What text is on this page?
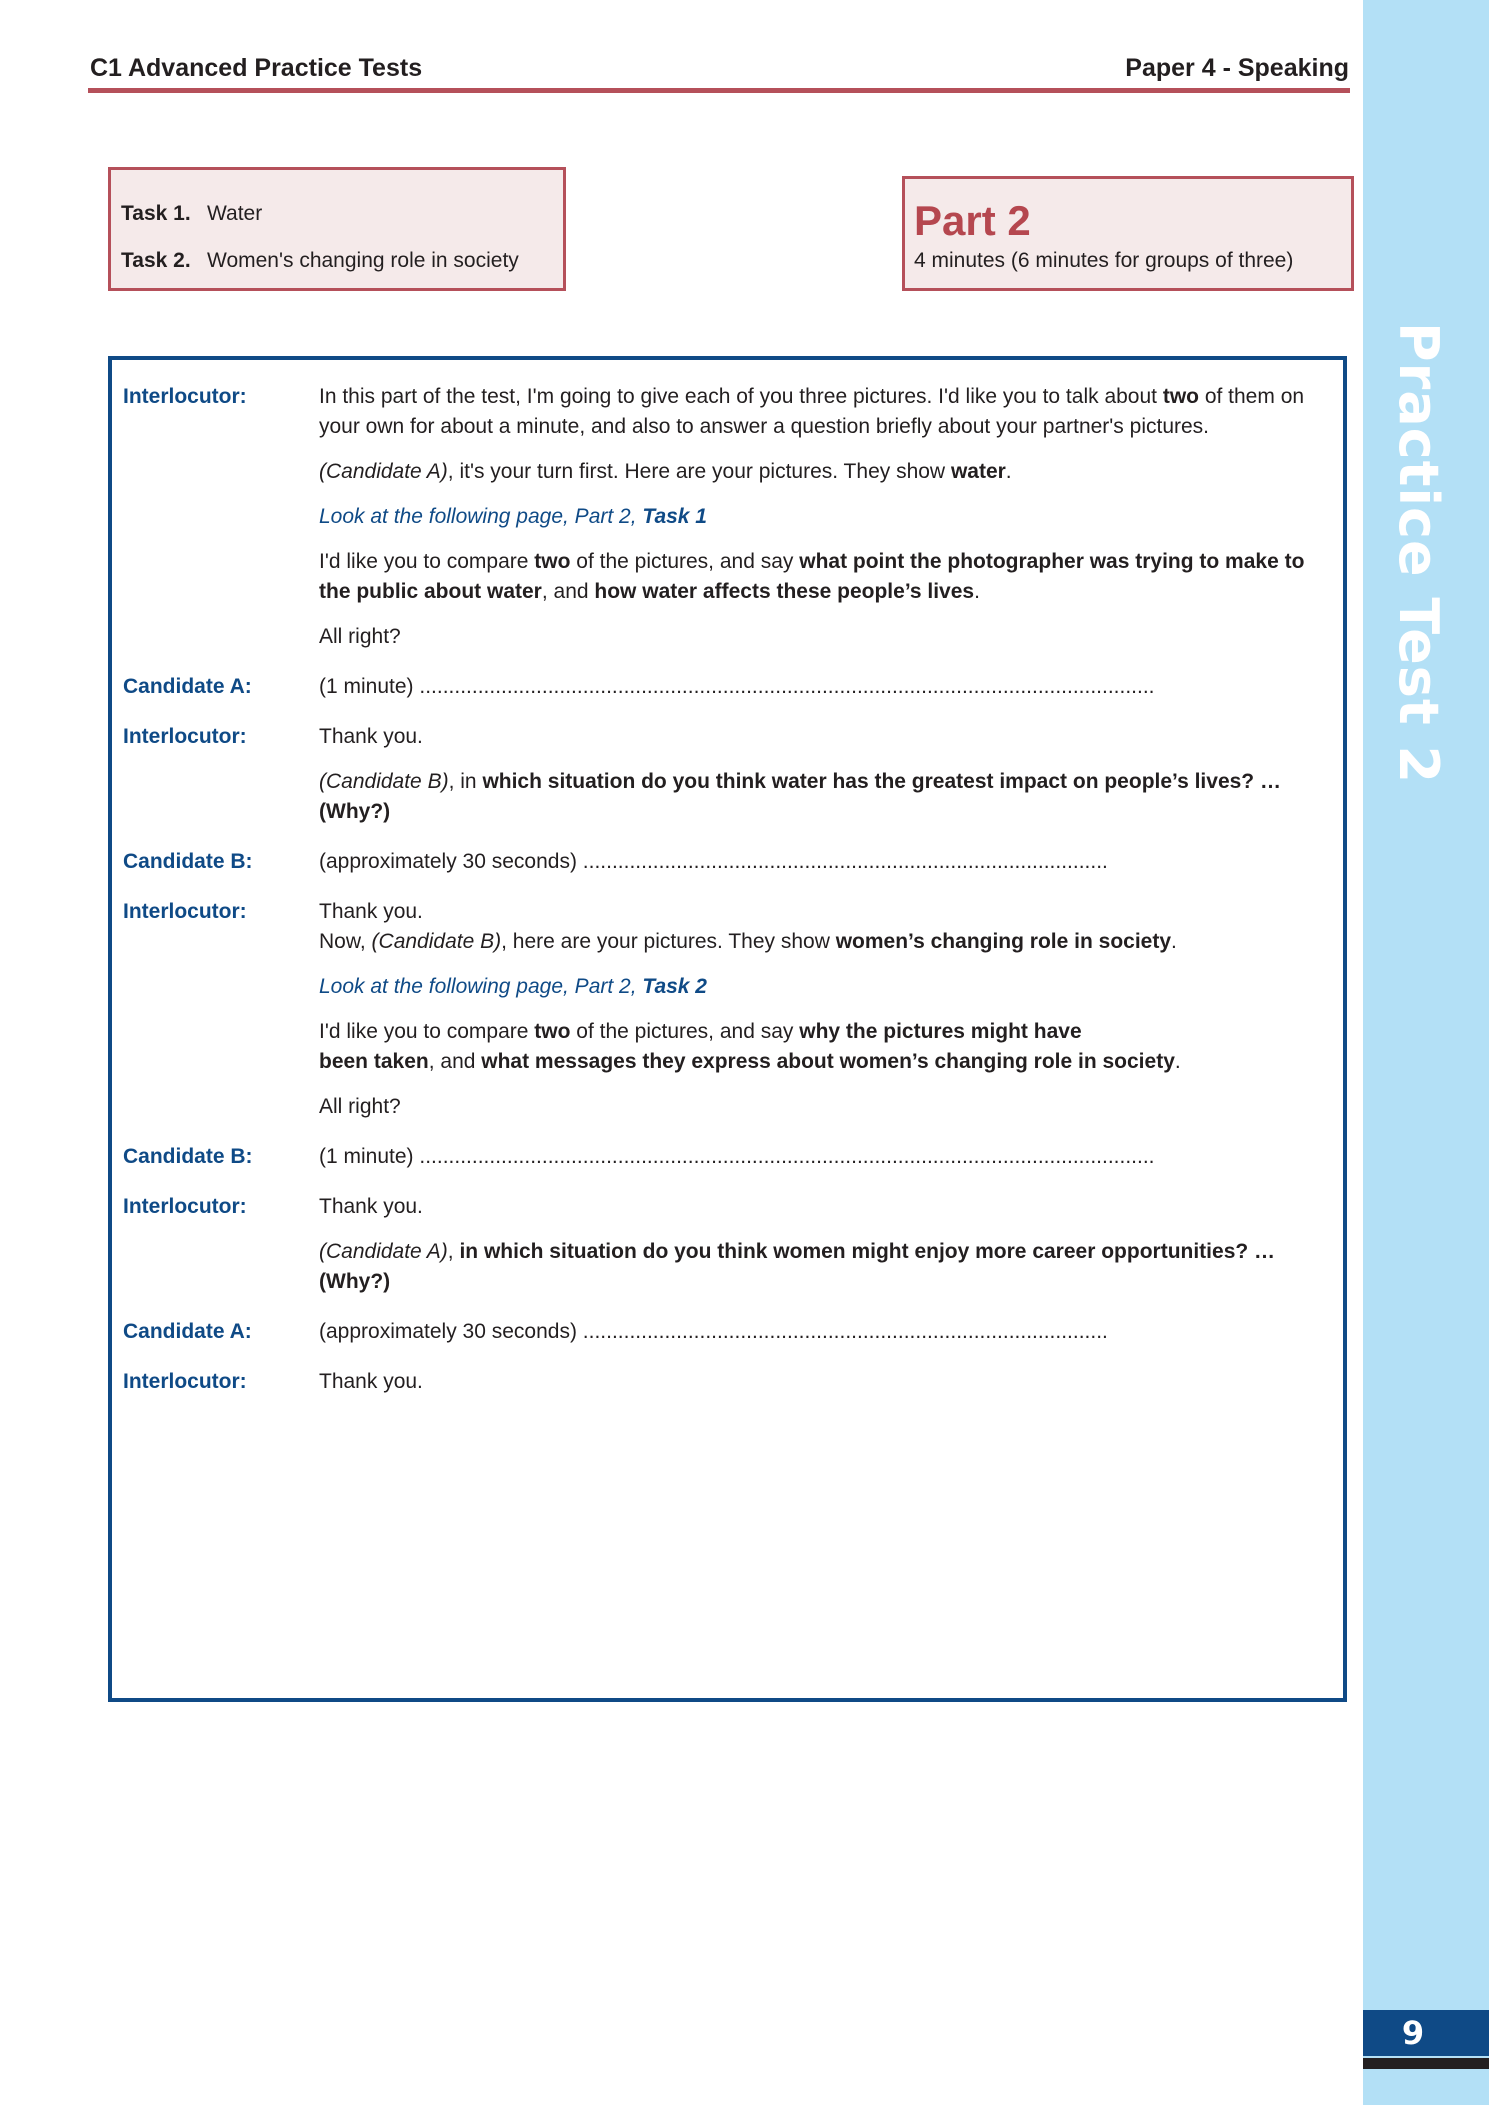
C1 Advanced Practice Tests	Paper 4 - Speaking
Task 1. Water
Task 2. Women's changing role in society
Part 2
4 minutes (6 minutes for groups of three)
Interlocutor:	In this part of the test, I'm going to give each of you three pictures. I'd like you to talk about two of them on your own for about a minute, and also to answer a question briefly about your partner's pictures.
(Candidate A), it's your turn first. Here are your pictures. They show water.
Look at the following page, Part 2, Task 1
I'd like you to compare two of the pictures, and say what point the photographer was trying to make to the public about water, and how water affects these people’s lives.
All right?
Candidate A:	(1 minute) ..............................................................................................................................
Interlocutor:	Thank you.
(Candidate B), in which situation do you think water has the greatest impact on people’s lives? … (Why?)
Candidate B:	(approximately 30 seconds) ..........................................................................................
Interlocutor:	Thank you.
Now, (Candidate B), here are your pictures. They show women’s changing role in society.
Look at the following page, Part 2, Task 2
I'd like you to compare two of the pictures, and say why the pictures might have
been taken, and what messages they express about women’s changing role in society.
All right?
Candidate B:	(1 minute) ..............................................................................................................................
Interlocutor:	Thank you.
(Candidate A), in which situation do you think women might enjoy more career opportunities? … (Why?)
Candidate A:	(approximately 30 seconds) ..........................................................................................
Interlocutor:	Thank you.
Practice Test 2
9
